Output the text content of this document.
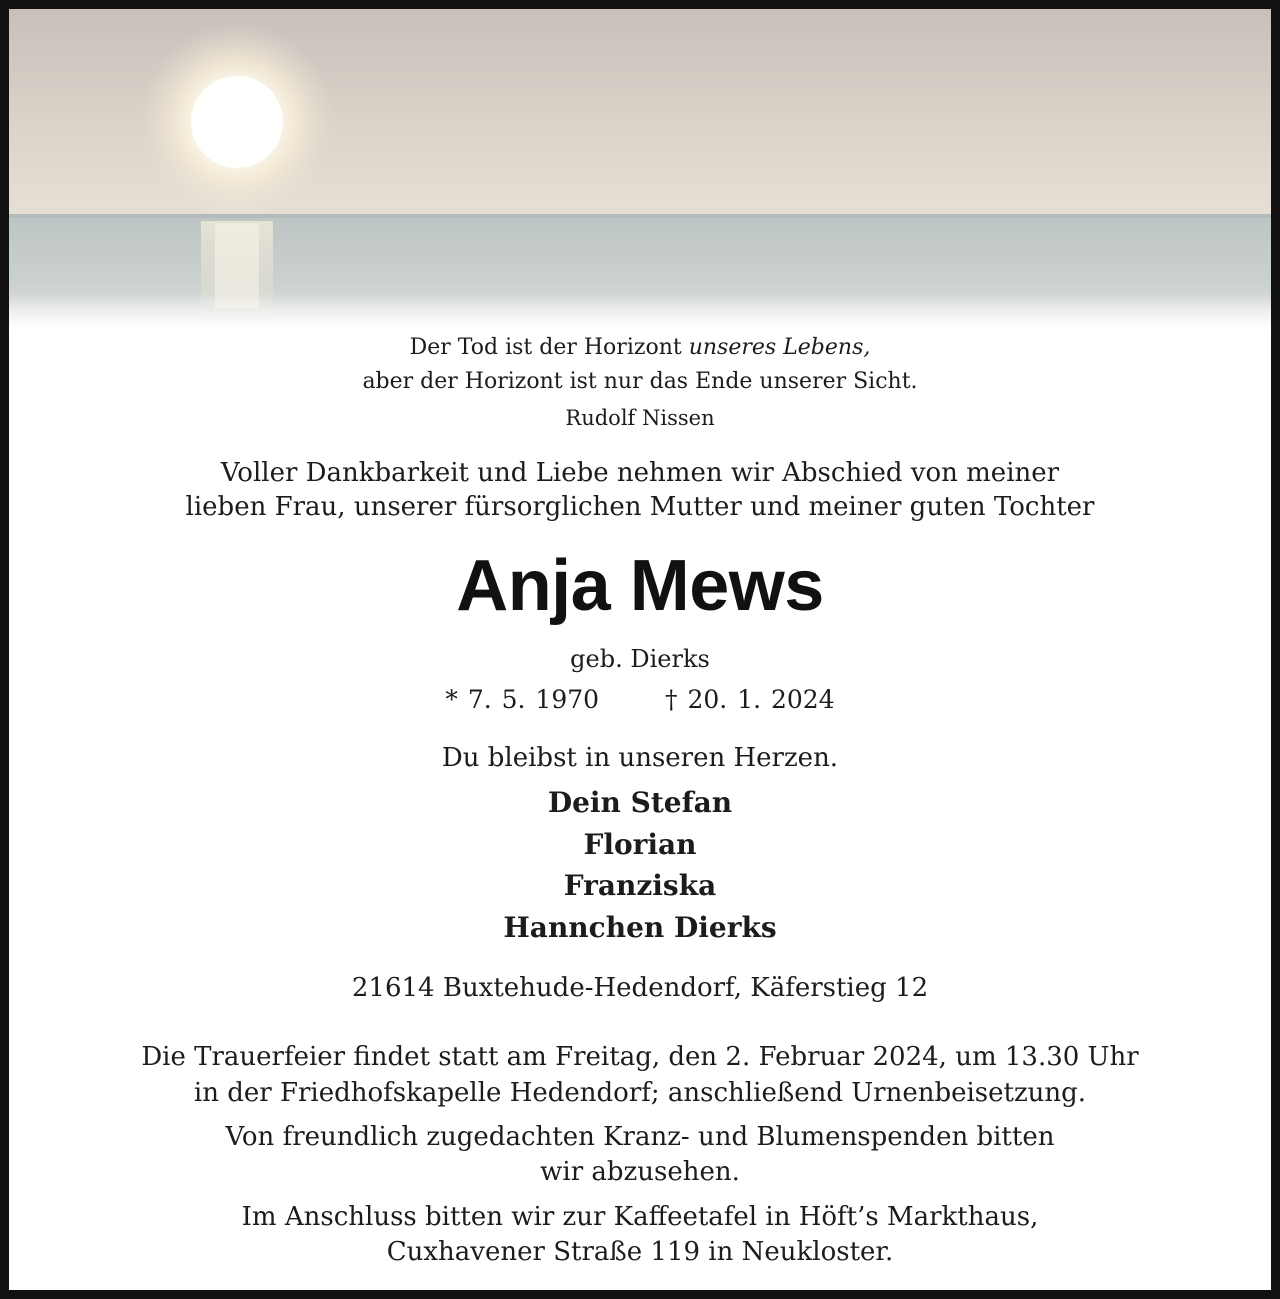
Der Tod ist der Horizont unseres Lebens,
aber der Horizont ist nur das Ende unserer Sicht.
Rudolf Nissen
Voller Dankbarkeit und Liebe nehmen wir Abschied von meiner
lieben Frau, unserer fürsorglichen Mutter und meiner guten Tochter
Anja Mews
geb. Dierks
* 7. 5. 1970	† 20. 1. 2024
Du bleibst in unseren Herzen.
Dein Stefan
Florian
Franziska
Hannchen Dierks
21614 Buxtehude-Hedendorf, Käferstieg 12
Die Trauerfeier findet statt am Freitag, den 2. Februar 2024, um 13.30 Uhr
in der Friedhofskapelle Hedendorf; anschließend Urnenbeisetzung.
Von freundlich zugedachten Kranz- und Blumenspenden bitten
wir abzusehen.
Im Anschluss bitten wir zur Kaffeetafel in Höft’s Markthaus,
Cuxhavener Straße 119 in Neukloster.
